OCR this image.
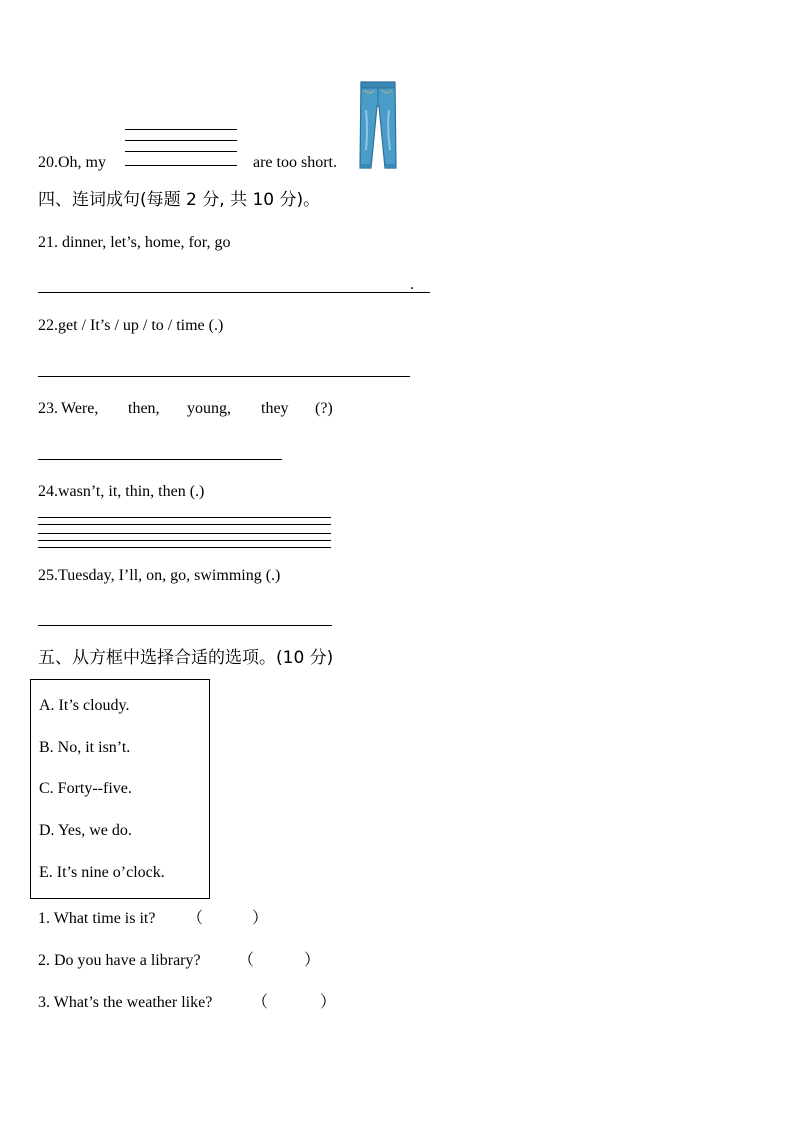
20.Oh, my	are too short.
四、连词成句(每题 2 分, 共 10 分)。
21. dinner, let’s, home, for, go
.
22.get / It’s / up / to / time (.)
23. Were, then, young, they (?)
24.wasn’t, it, thin, then (.)
25.Tuesday, I’ll, on, go, swimming (.)
五、从方框中选择合适的选项。(10 分)
A. It’s cloudy.
B. No, it isn’t.
C. Forty--five.
D. Yes, we do.
E. It’s nine o’clock.
1. What time is it? （	）
2. Do you have a library? （	）
3. What’s the weather like? （	）
